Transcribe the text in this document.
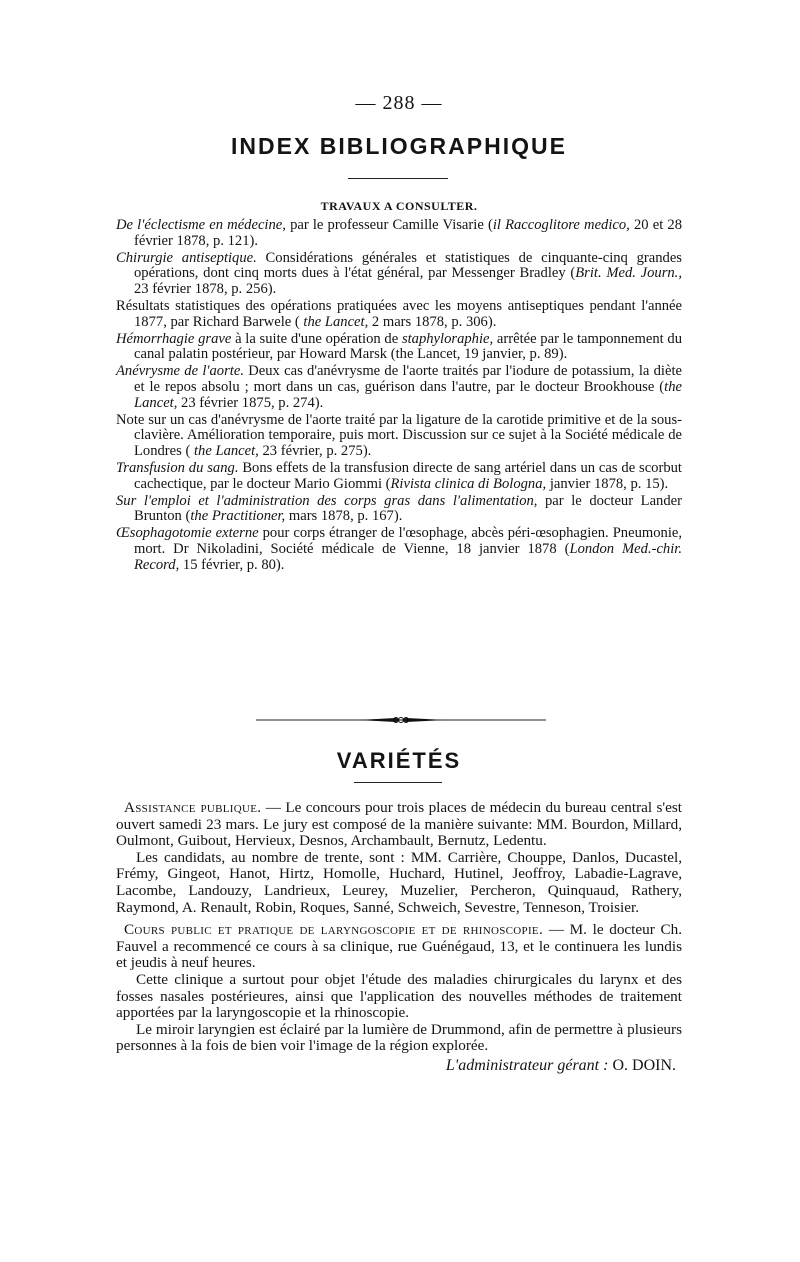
— 288 —
INDEX BIBLIOGRAPHIQUE
TRAVAUX A CONSULTER.

De l'éclectisme en médecine, par le professeur Camille Visarie (il Raccoglitore medico, 20 et 28 février 1878, p. 121).

Chirurgie antiseptique. Considérations générales et statistiques de cinquante-cinq grandes opérations, dont cinq morts dues à l'état général, par Messenger Bradley (Brit. Med. Journ., 23 février 1878, p. 256).

Résultats statistiques des opérations pratiquées avec les moyens antiseptiques pendant l'année 1877, par Richard Barwele ( the Lancet, 2 mars 1878, p. 306).

Hémorrhagie grave à la suite d'une opération de staphyloraphie, arrêtée par le tamponnement du canal palatin postérieur, par Howard Marsk (the Lancet, 19 janvier, p. 89).

Anévrysme de l'aorte. Deux cas d'anévrysme de l'aorte traités par l'iodure de potassium, la diète et le repos absolu ; mort dans un cas, guérison dans l'autre, par le docteur Brookhouse (the Lancet, 23 février 1875, p. 274).

Note sur un cas d'anévrysme de l'aorte traité par la ligature de la carotide primitive et de la sous-clavière. Amélioration temporaire, puis mort. Discussion sur ce sujet à la Société médicale de Londres ( the Lancet, 23 février, p. 275).

Transfusion du sang. Bons effets de la transfusion directe de sang artériel dans un cas de scorbut cachectique, par le docteur Mario Giommi (Rivista clinica di Bologna, janvier 1878, p. 15).

Sur l'emploi et l'administration des corps gras dans l'alimentation, par le docteur Lander Brunton (the Practitioner, mars 1878, p. 167).

Œsophagotomie externe pour corps étranger de l'œsophage, abcès péri-œsophagien. Pneumonie, mort. Dr Nikoladini, Société médicale de Vienne, 18 janvier 1878 (London Med.-chir. Record, 15 février, p. 80).

VARIÉTÉS

Assistance publique. — Le concours pour trois places de médecin du bureau central s'est ouvert samedi 23 mars. Le jury est composé de la manière suivante: MM. Bourdon, Millard, Oulmont, Guibout, Hervieux, Desnos, Archambault, Bernutz, Ledentu.

Les candidats, au nombre de trente, sont : MM. Carrière, Chouppe, Danlos, Ducastel, Frémy, Gingeot, Hanot, Hirtz, Homolle, Huchard, Hutinel, Jeoffroy, Labadie-Lagrave, Lacombe, Landouzy, Landrieux, Leurey, Muzelier, Percheron, Quinquaud, Rathery, Raymond, A. Renault, Robin, Roques, Sanné, Schweich, Sevestre, Tenneson, Troisier.

Cours public et pratique de laryngoscopie et de rhinoscopie. — M. le docteur Ch. Fauvel a recommencé ce cours à sa clinique, rue Guénégaud, 13, et le continuera les lundis et jeudis à neuf heures.

Cette clinique a surtout pour objet l'étude des maladies chirurgicales du larynx et des fosses nasales postérieures, ainsi que l'application des nouvelles méthodes de traitement apportées par la laryngoscopie et la rhinoscopie.

Le miroir laryngien est éclairé par la lumière de Drummond, afin de permettre à plusieurs personnes à la fois de bien voir l'image de la région explorée.

L'administrateur gérant : O. DOIN.
